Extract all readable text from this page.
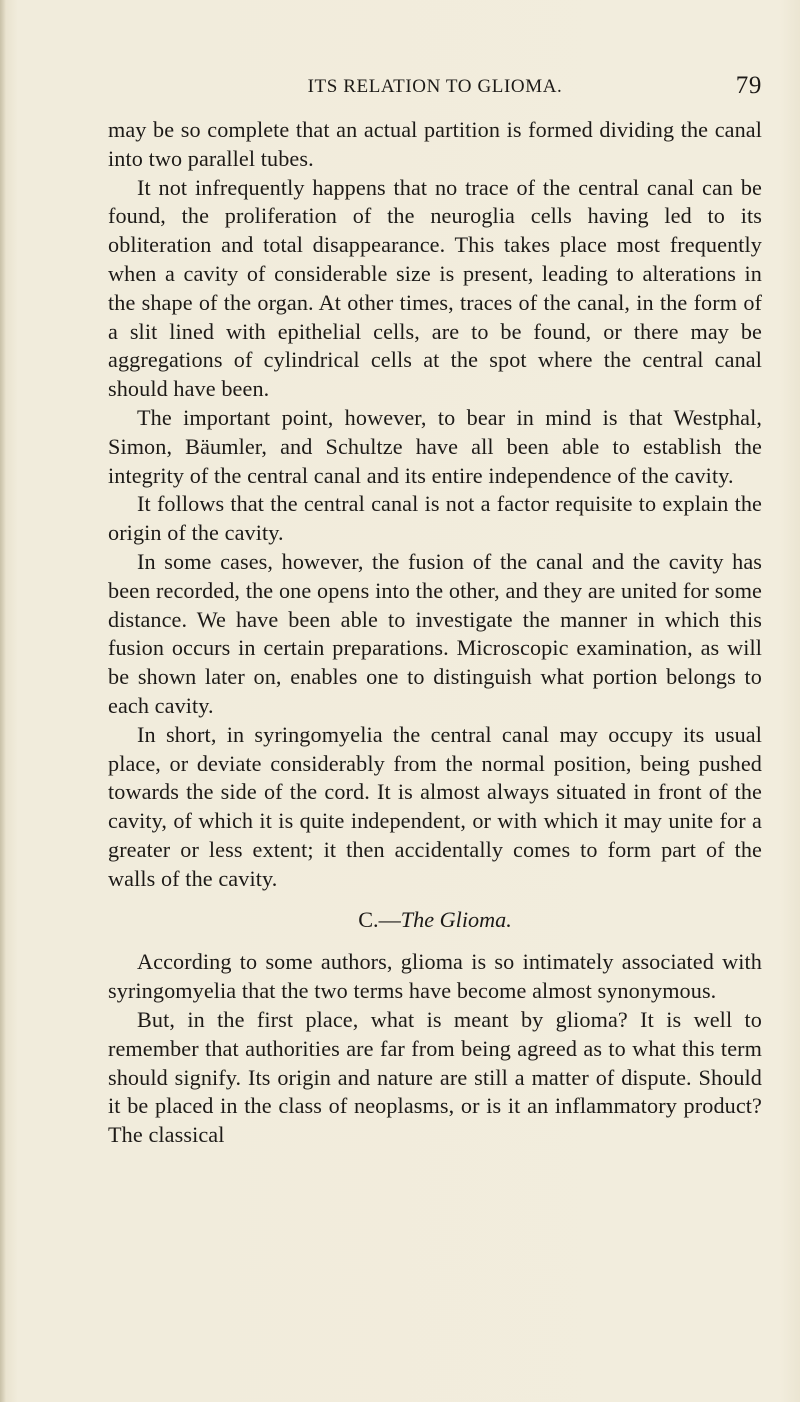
ITS RELATION TO GLIOMA.	79

may be so complete that an actual partition is formed dividing the canal into two parallel tubes.

It not infrequently happens that no trace of the central canal can be found, the proliferation of the neuroglia cells having led to its obliteration and total disappearance. This takes place most frequently when a cavity of considerable size is present, leading to alterations in the shape of the organ. At other times, traces of the canal, in the form of a slit lined with epithelial cells, are to be found, or there may be aggregations of cylindrical cells at the spot where the central canal should have been.

The important point, however, to bear in mind is that Westphal, Simon, Bäumler, and Schultze have all been able to establish the integrity of the central canal and its entire independence of the cavity.

It follows that the central canal is not a factor requisite to explain the origin of the cavity.

In some cases, however, the fusion of the canal and the cavity has been recorded, the one opens into the other, and they are united for some distance. We have been able to investigate the manner in which this fusion occurs in certain preparations. Microscopic examination, as will be shown later on, enables one to distinguish what portion belongs to each cavity.

In short, in syringomyelia the central canal may occupy its usual place, or deviate considerably from the normal position, being pushed towards the side of the cord. It is almost always situated in front of the cavity, of which it is quite independent, or with which it may unite for a greater or less extent; it then accidentally comes to form part of the walls of the cavity.

C.—The Glioma.

According to some authors, glioma is so intimately associated with syringomyelia that the two terms have become almost synonymous.

But, in the first place, what is meant by glioma? It is well to remember that authorities are far from being agreed as to what this term should signify. Its origin and nature are still a matter of dispute. Should it be placed in the class of neoplasms, or is it an inflammatory product? The classical
